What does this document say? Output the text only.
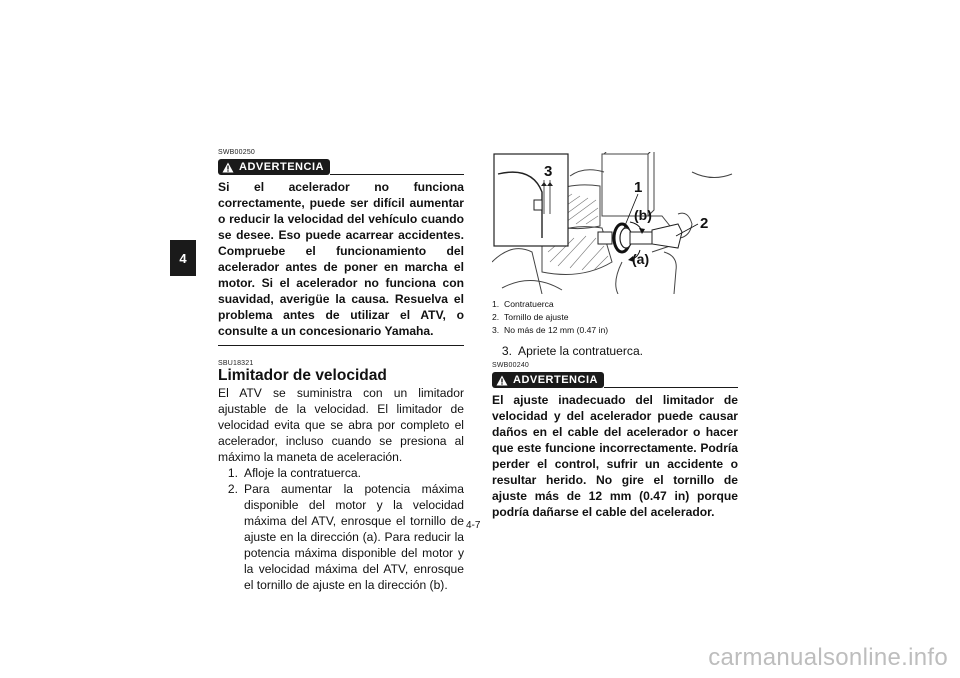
4
SWB00250
ADVERTENCIA

Si el acelerador no funciona correctamente, puede ser difícil aumentar o reducir la velocidad del vehículo cuando se desee. Eso puede acarrear accidentes. Compruebe el funcionamiento del acelerador antes de poner en marcha el motor. Si el acelerador no funciona con suavidad, averigüe la causa. Resuelva el problema antes de utilizar el ATV, o consulte a un concesionario Yamaha.

SBU18321
Limitador de velocidad

El ATV se suministra con un limitador ajustable de la velocidad. El limitador de velocidad evita que se abra por completo el acelerador, incluso cuando se presiona al máximo la maneta de aceleración.

1. Afloje la contratuerca.
2. Para aumentar la potencia máxima disponible del motor y la velocidad máxima del ATV, enrosque el tornillo de ajuste en la dirección (a). Para reducir la potencia máxima disponible del motor y la velocidad máxima del ATV, enrosque el tornillo de ajuste en la dirección (b).
3
1
(b)	2
(a)
1. Contratuerca
2. Tornillo de ajuste
3. No más de 12 mm (0.47 in)
3. Apriete la contratuerca.
SWB00240
ADVERTENCIA

El ajuste inadecuado del limitador de velocidad y del acelerador puede causar daños en el cable del acelerador o hacer que este funcione incorrectamente. Podría perder el control, sufrir un accidente o resultar herido. No gire el tornillo de ajuste más de 12 mm (0.47 in) porque podría dañarse el cable del acelerador.

4-7
carmanualsonline.info
